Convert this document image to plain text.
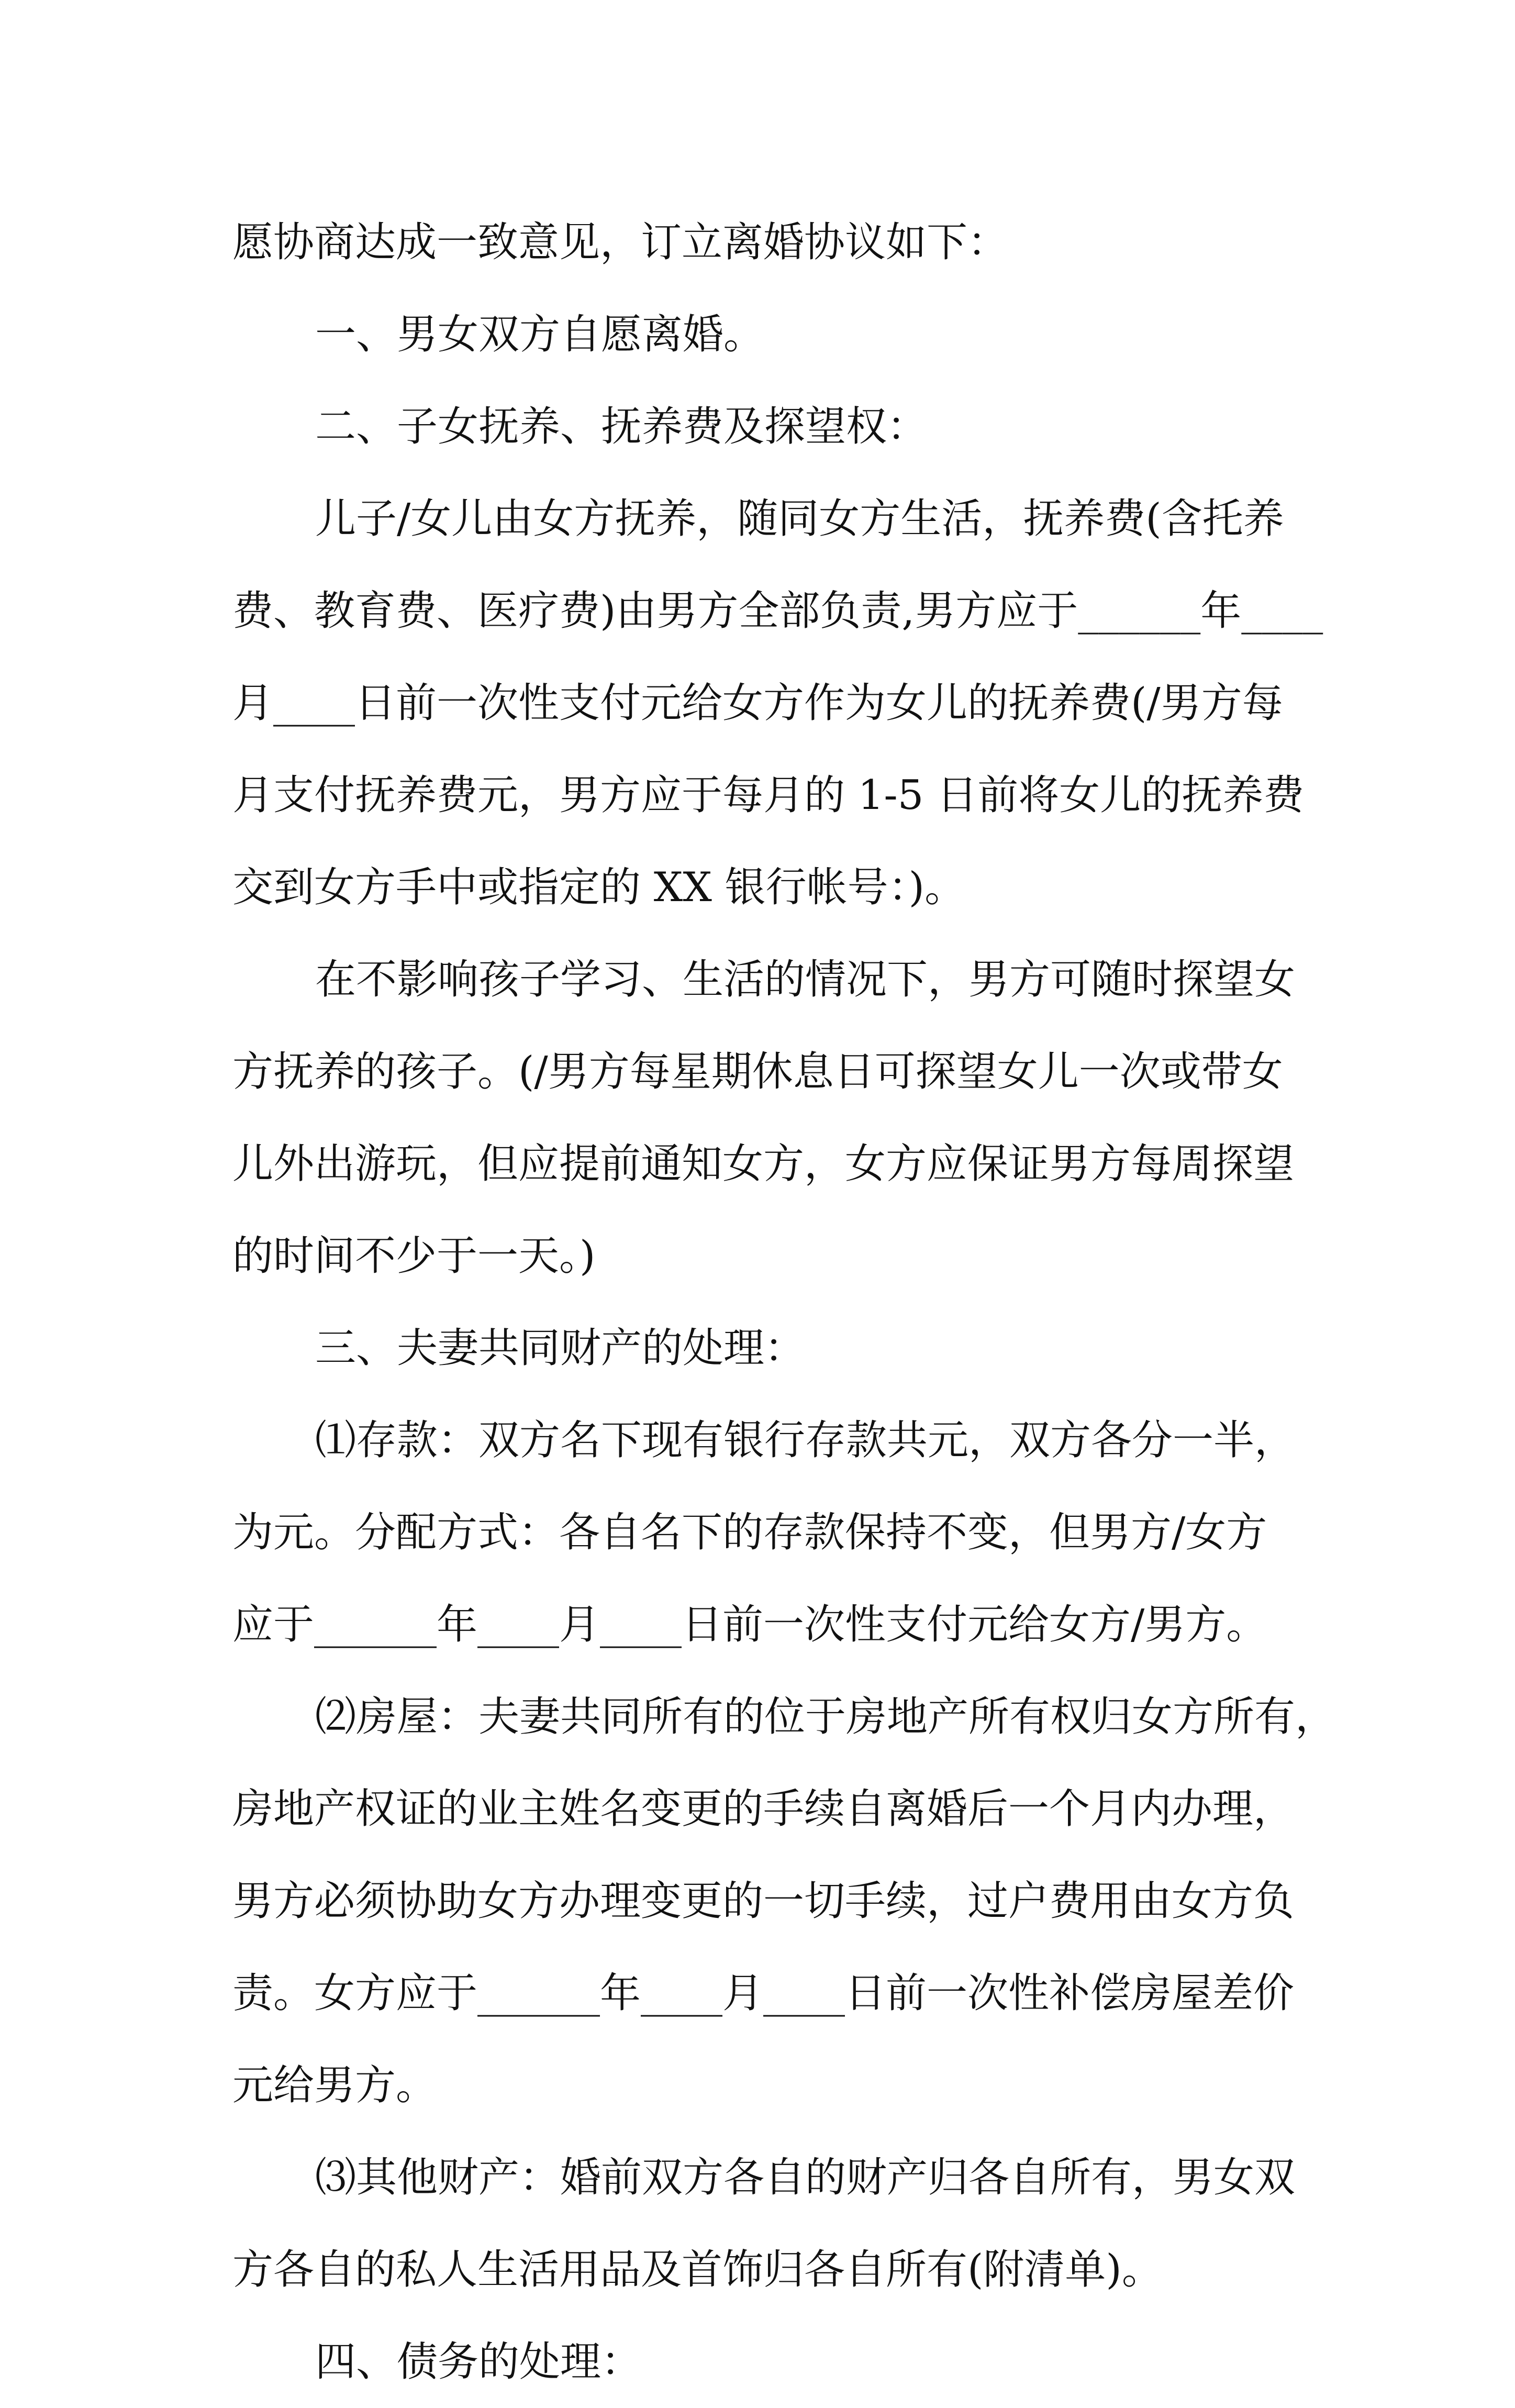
愿协商达成一致意见，订立离婚协议如下：
一、男女双方自愿离婚。
二、子女抚养、抚养费及探望权：
儿子/女儿由女方抚养，随同女方生活，抚养费(含托养
费、教育费、医疗费)由男方全部负责,男方应于______年____
月____日前一次性支付元给女方作为女儿的抚养费(/男方每
月支付抚养费元，男方应于每月的 1-5 日前将女儿的抚养费
交到女方手中或指定的 XX 银行帐号：)。
在不影响孩子学习、生活的情况下，男方可随时探望女
方抚养的孩子。(/男方每星期休息日可探望女儿一次或带女
儿外出游玩，但应提前通知女方，女方应保证男方每周探望
的时间不少于一天。)
三、夫妻共同财产的处理：
⑴存款：双方名下现有银行存款共元，双方各分一半，
为元。分配方式：各自名下的存款保持不变，但男方/女方
应于______年____月____日前一次性支付元给女方/男方。
⑵房屋：夫妻共同所有的位于房地产所有权归女方所有，
房地产权证的业主姓名变更的手续自离婚后一个月内办理，
男方必须协助女方办理变更的一切手续，过户费用由女方负
责。女方应于______年____月____日前一次性补偿房屋差价
元给男方。
⑶其他财产：婚前双方各自的财产归各自所有，男女双
方各自的私人生活用品及首饰归各自所有(附清单)。
四、债务的处理：
